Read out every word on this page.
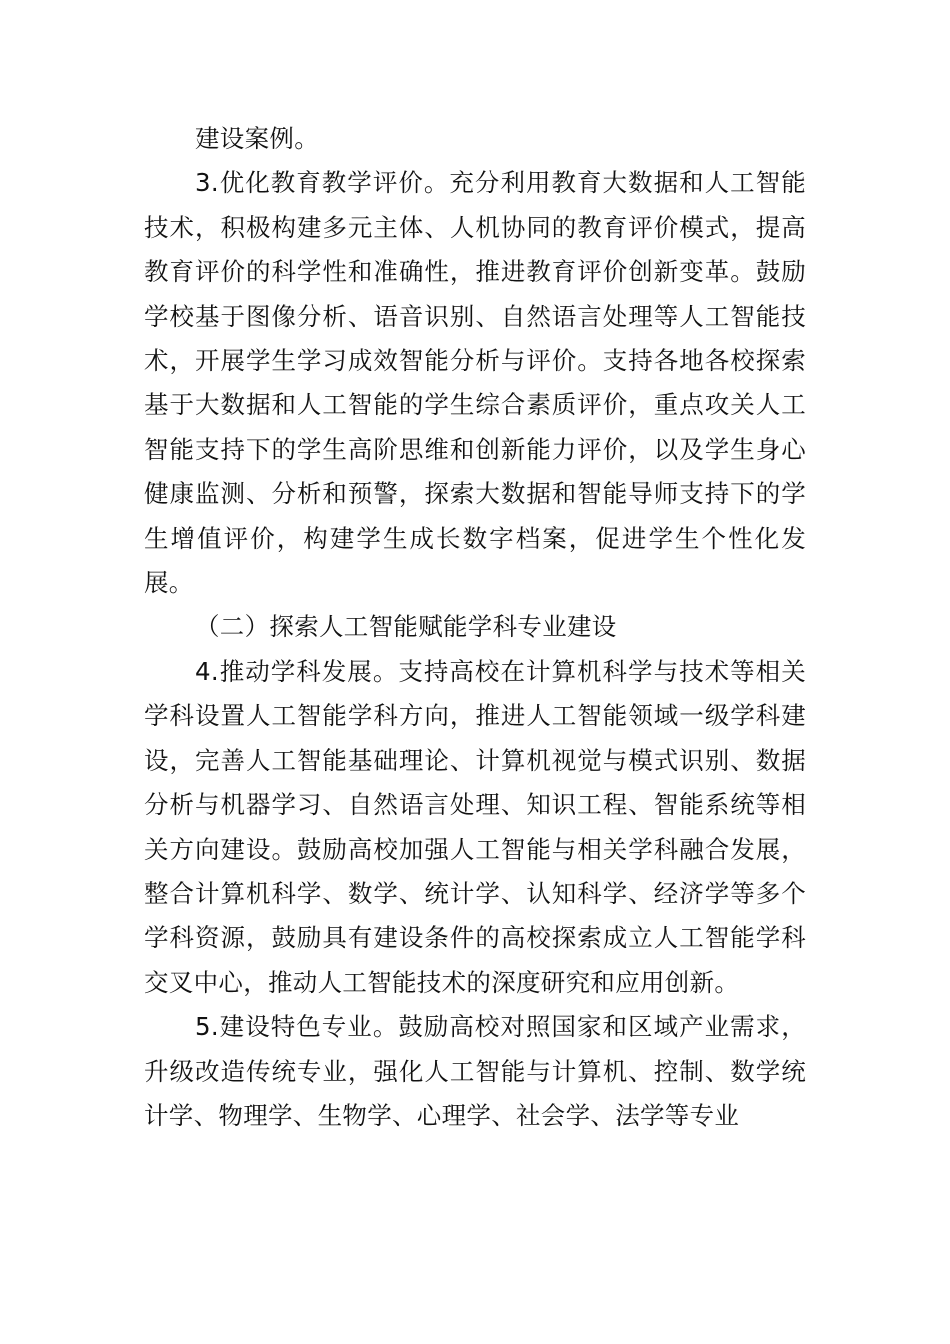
建设案例。

3.优化教育教学评价。充分利用教育大数据和人工智能技术，积极构建多元主体、人机协同的教育评价模式，提高教育评价的科学性和准确性，推进教育评价创新变革。鼓励学校基于图像分析、语音识别、自然语言处理等人工智能技术，开展学生学习成效智能分析与评价。支持各地各校探索基于大数据和人工智能的学生综合素质评价，重点攻关人工智能支持下的学生高阶思维和创新能力评价，以及学生身心健康监测、分析和预警，探索大数据和智能导师支持下的学生增值评价，构建学生成长数字档案，促进学生个性化发展。

（二）探索人工智能赋能学科专业建设

4.推动学科发展。支持高校在计算机科学与技术等相关学科设置人工智能学科方向，推进人工智能领域一级学科建设，完善人工智能基础理论、计算机视觉与模式识别、数据分析与机器学习、自然语言处理、知识工程、智能系统等相关方向建设。鼓励高校加强人工智能与相关学科融合发展，整合计算机科学、数学、统计学、认知科学、经济学等多个学科资源，鼓励具有建设条件的高校探索成立人工智能学科交叉中心，推动人工智能技术的深度研究和应用创新。

5.建设特色专业。鼓励高校对照国家和区域产业需求，升级改造传统专业，强化人工智能与计算机、控制、数学统计学、物理学、生物学、心理学、社会学、法学等专业
